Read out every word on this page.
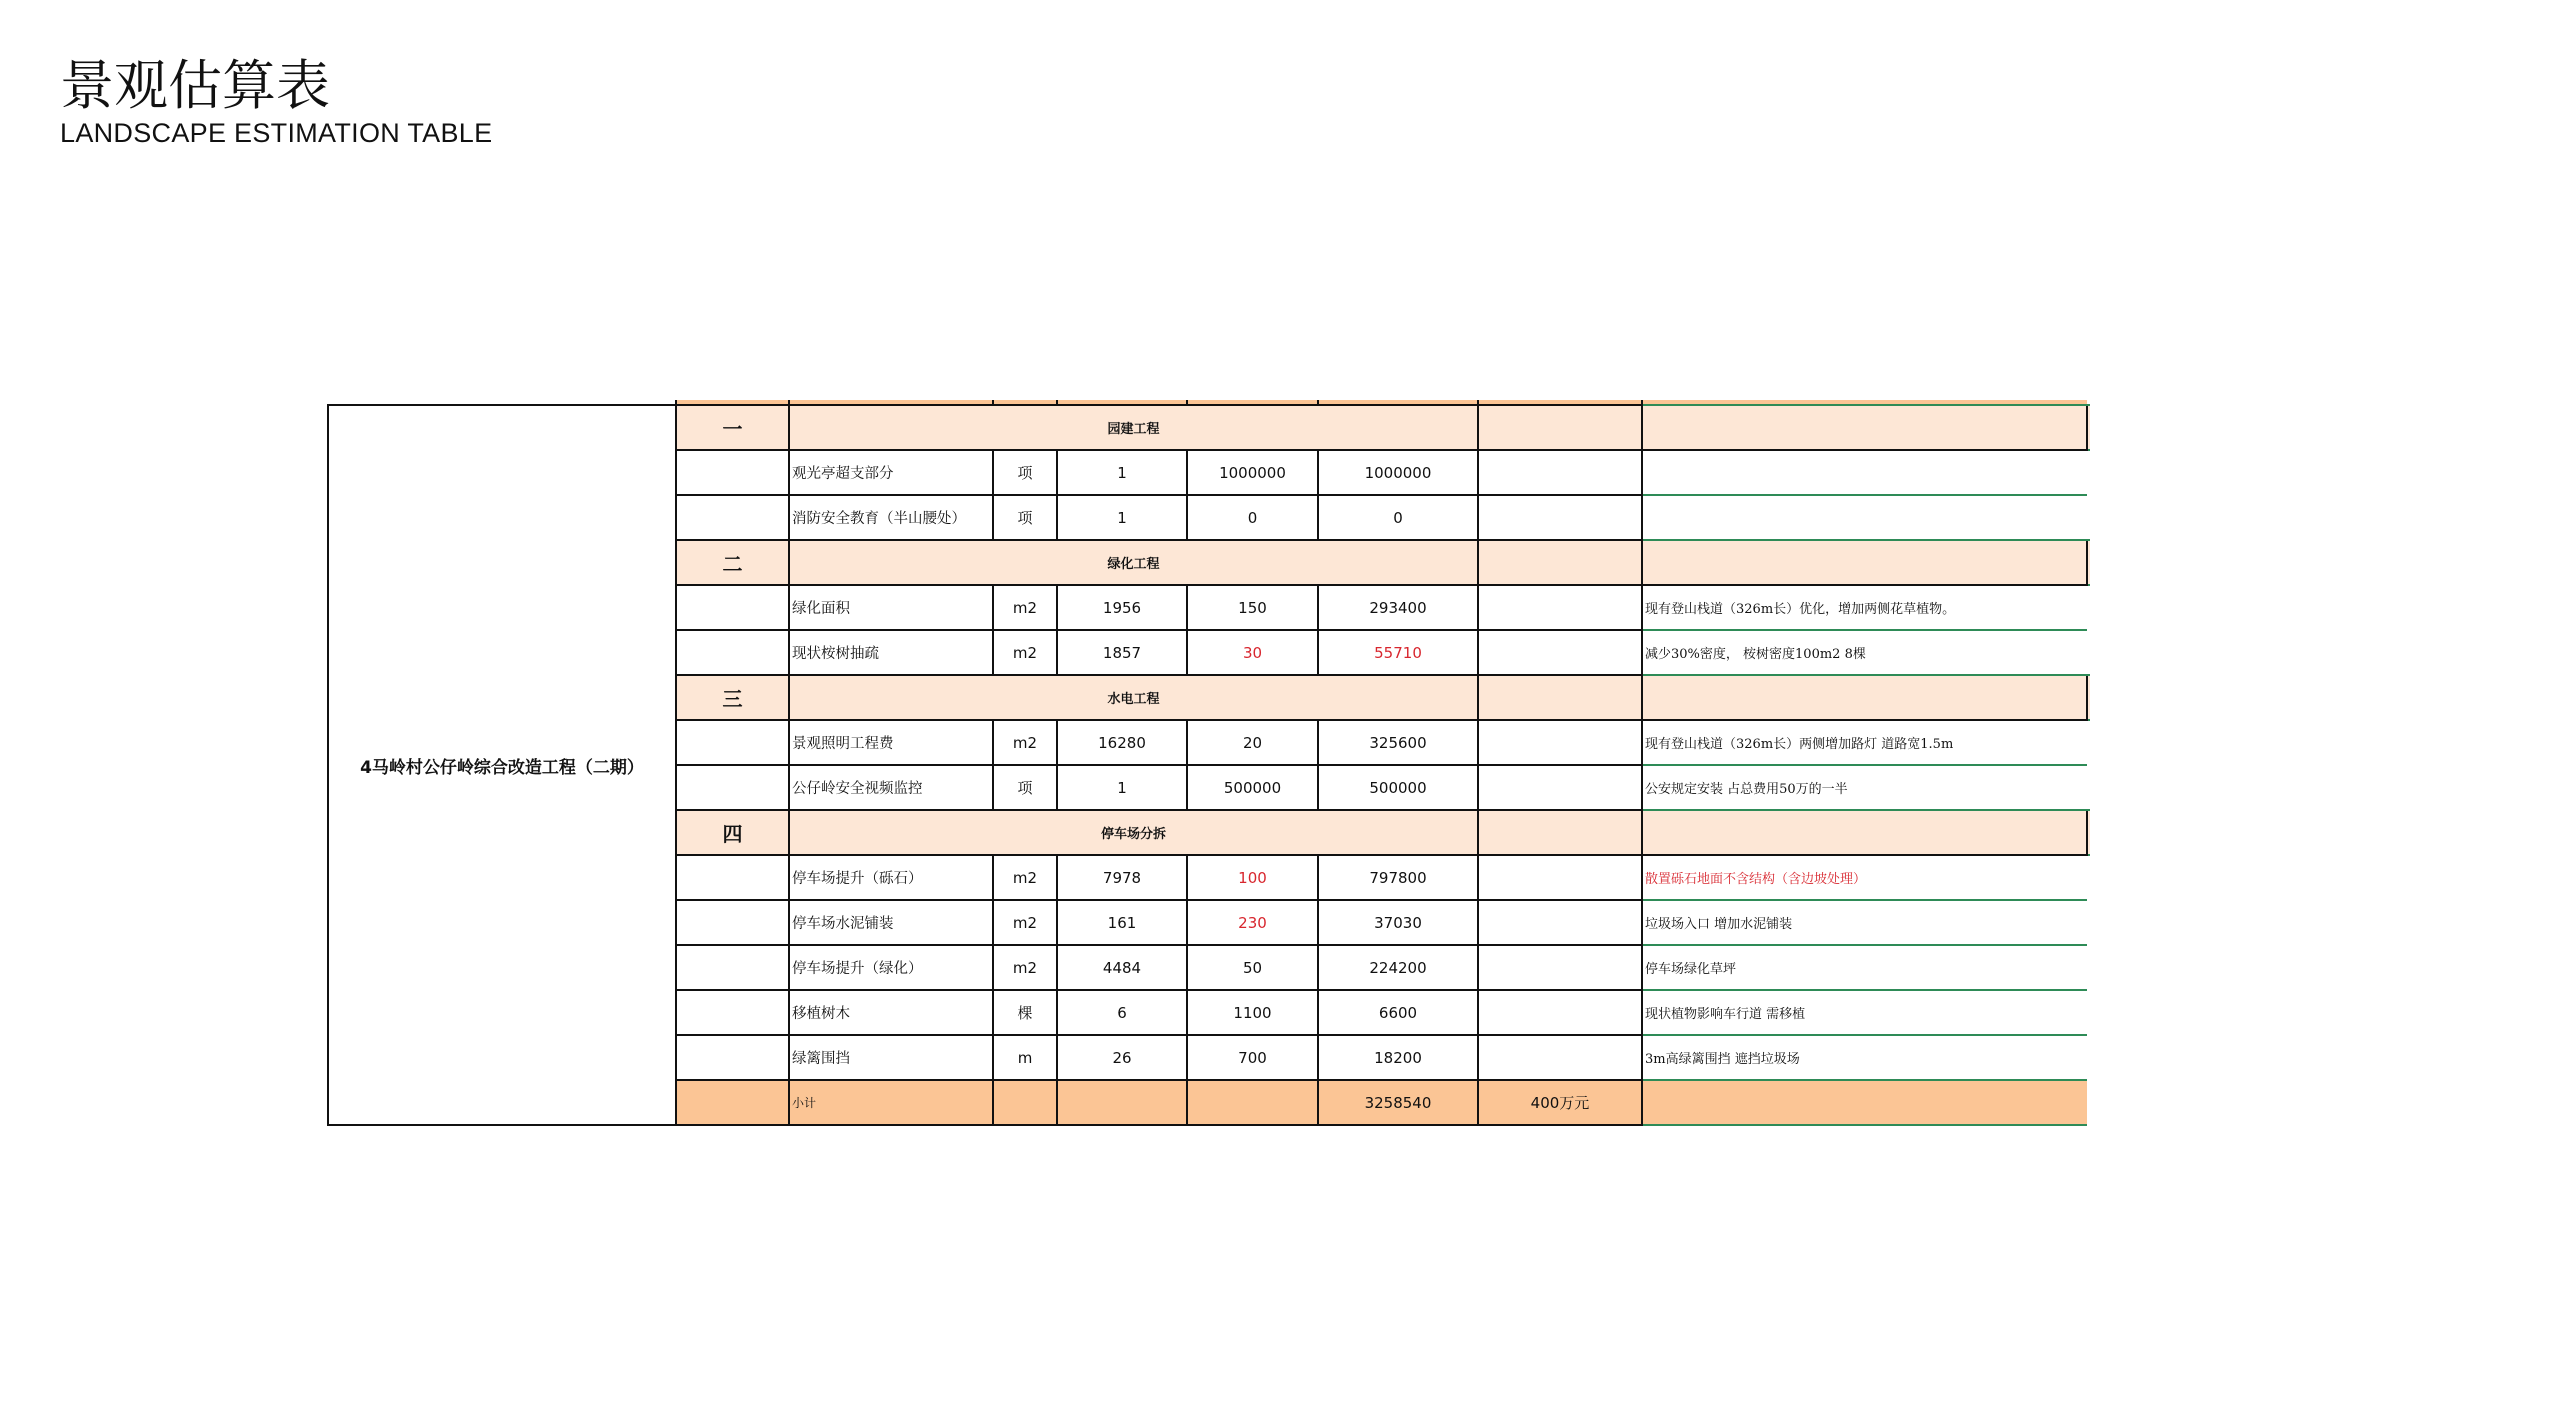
景观估算表
LANDSCAPE ESTIMATION TABLE

4马岭村公仔岭综合改造工程（二期）	一	园建工程							
		观光亭超支部分	项	1	1000000	1000000			
		消防安全教育（半山腰处）	项	1	0	0			
	二	绿化工程							
		绿化面积	m2	1956	150	293400		现有登山栈道（326m长）优化，增加两侧花草植物。	
		现状桉树抽疏	m2	1857	30	55710		减少30%密度， 桉树密度100m2 8棵	
	三	水电工程							
		景观照明工程费	m2	16280	20	325600		现有登山栈道（326m长）两侧增加路灯 道路宽1.5m	
		公仔岭安全视频监控	项	1	500000	500000		公安规定安装 占总费用50万的一半	
	四	停车场分拆							
		停车场提升（砾石）	m2	7978	100	797800		散置砾石地面不含结构（含边坡处理）	
		停车场水泥铺装	m2	161	230	37030		垃圾场入口 增加水泥铺装	
		停车场提升（绿化）	m2	4484	50	224200		停车场绿化草坪	
		移植树木	棵	6	1100	6600		现状植物影响车行道 需移植	
		绿篱围挡	m	26	700	18200		3m高绿篱围挡 遮挡垃圾场	
		小计				3258540	400万元		
